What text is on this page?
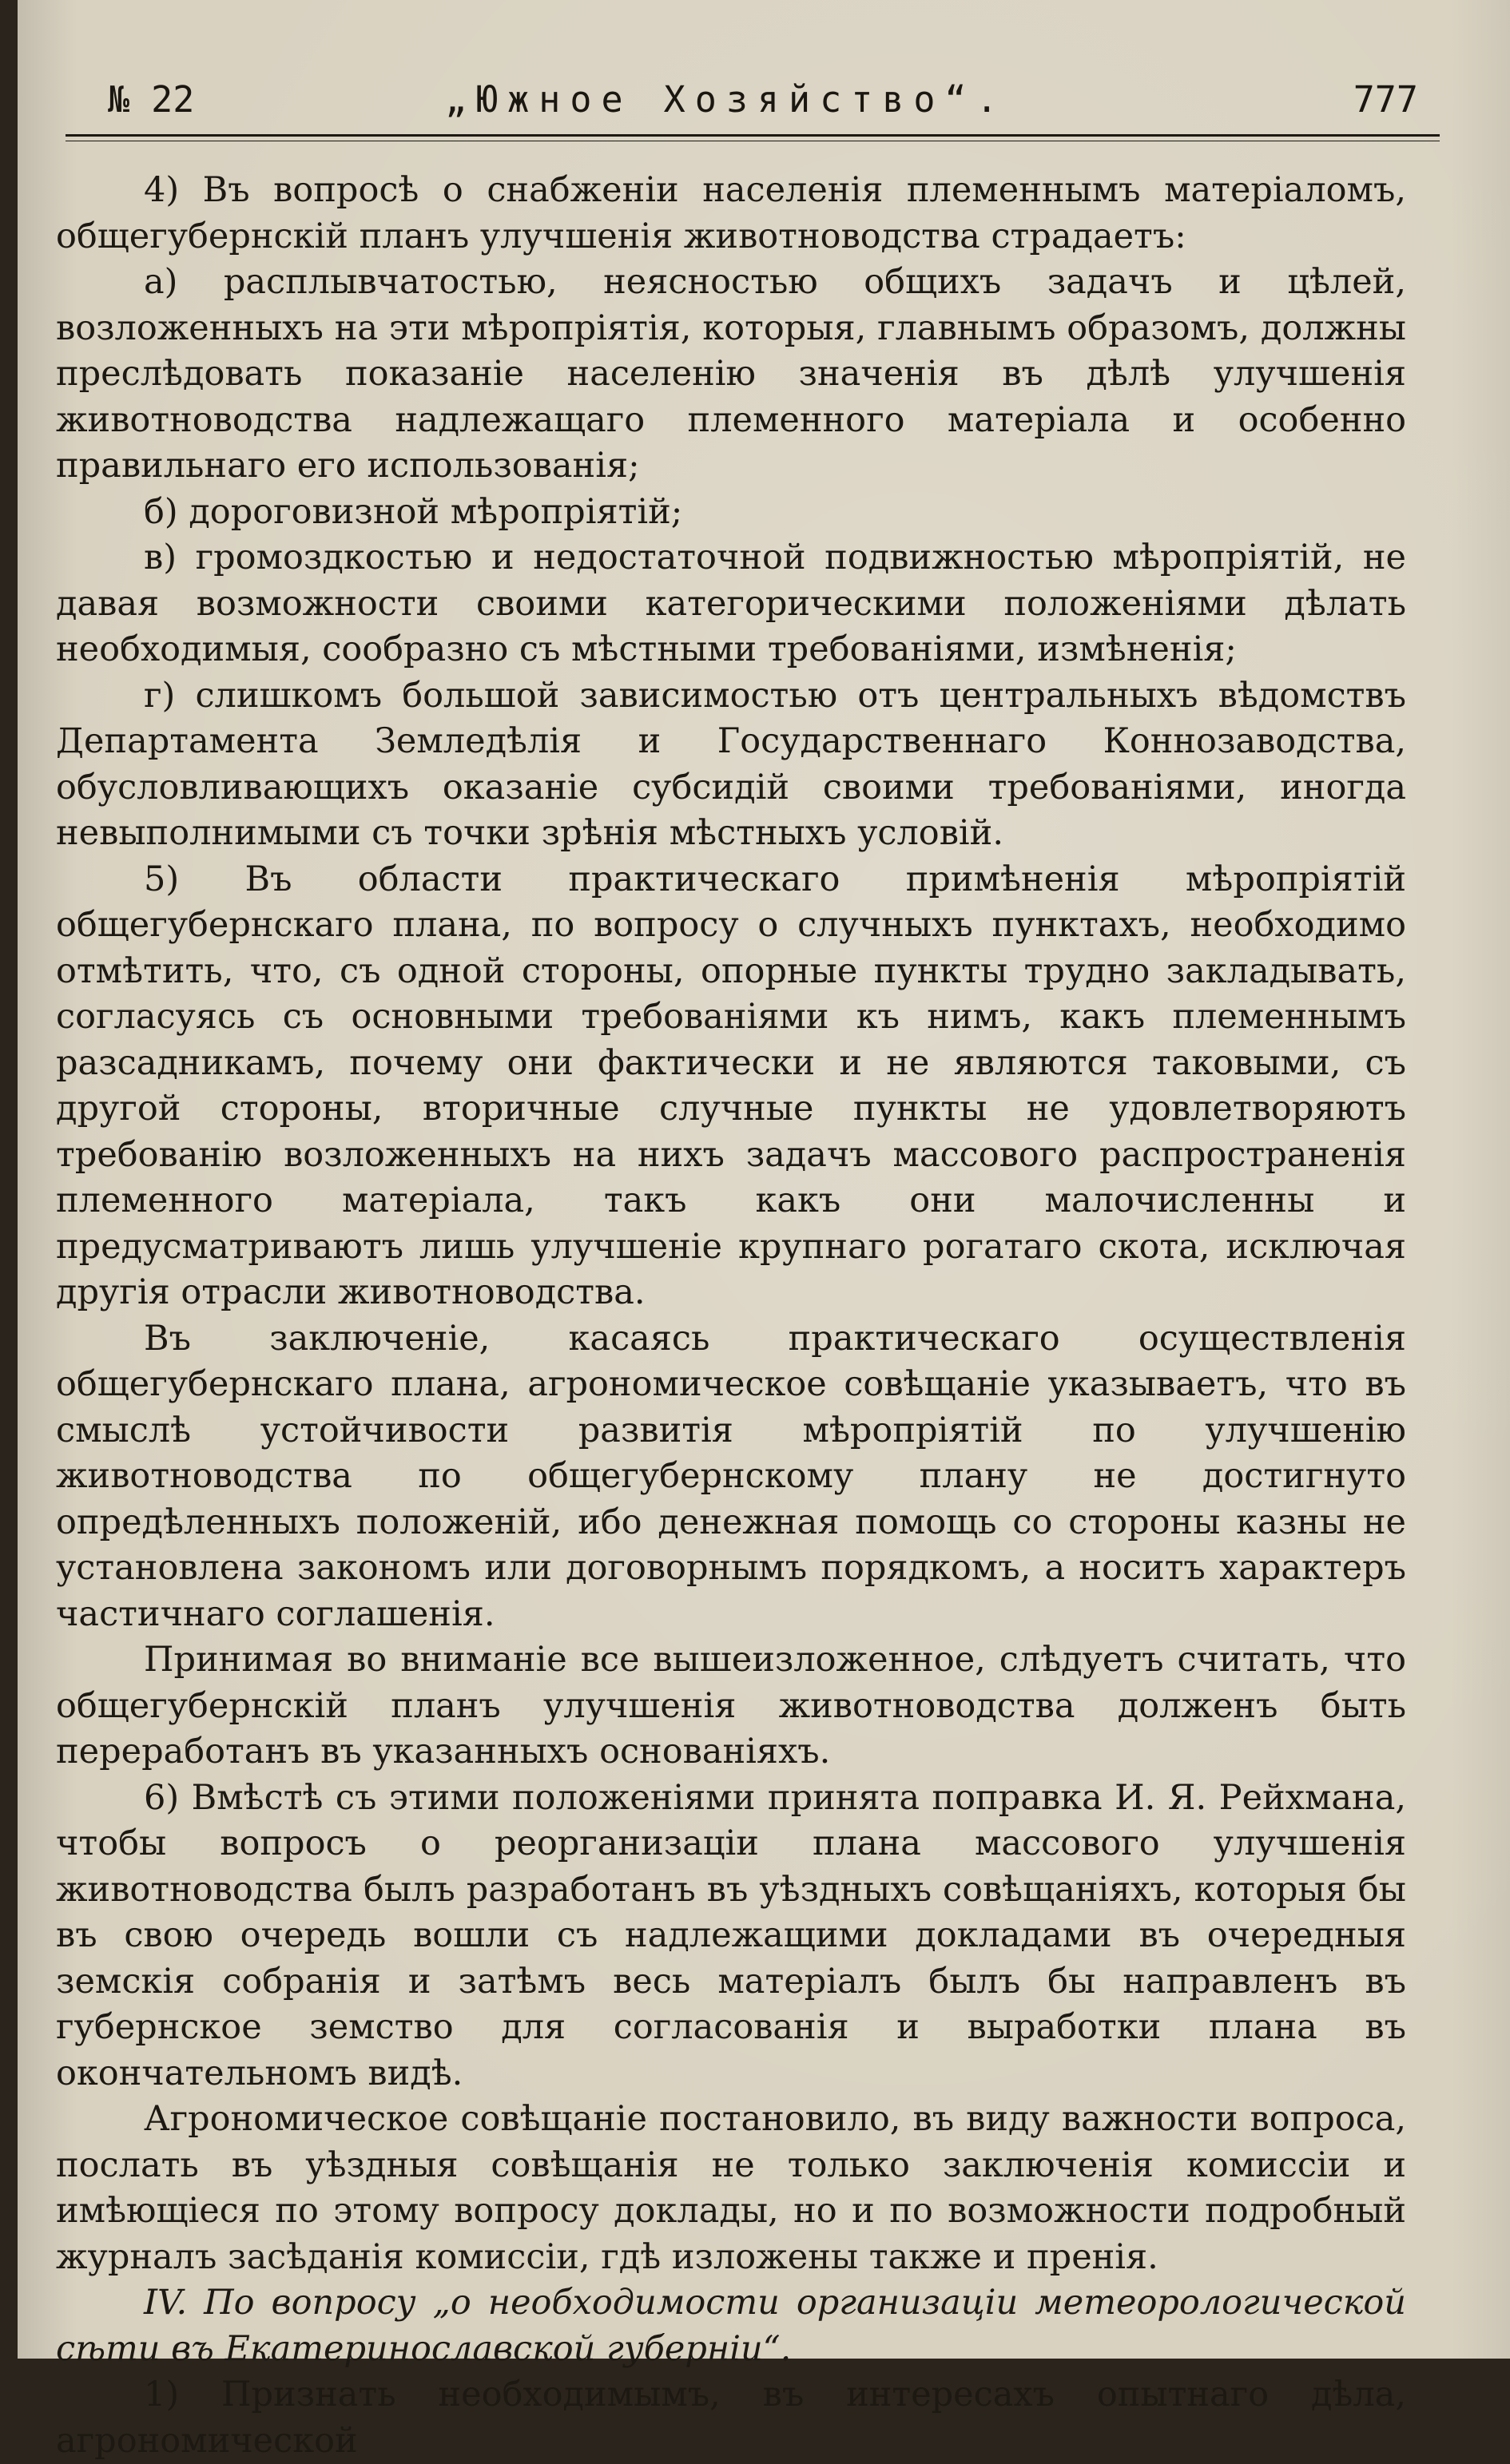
№ 22	„Южное Хозяйство“.	777

4) Въ вопросѣ о снабженіи населенія племеннымъ матеріаломъ, общегубернскій планъ улучшенія животноводства страдаетъ:

а) расплывчатостью, неясностью общихъ задачъ и цѣлей, возложенныхъ на эти мѣропріятія, которыя, главнымъ образомъ, должны преслѣдовать показаніе населенію значенія въ дѣлѣ улучшенія животноводства надлежащаго племенного матеріала и особенно правильнаго его использованія;

б) дороговизной мѣропріятій;

в) громоздкостью и недостаточной подвижностью мѣропріятій, не давая возможности своими категорическими положеніями дѣлать необходимыя, сообразно съ мѣстными требованіями, измѣненія;

г) слишкомъ большой зависимостью отъ центральныхъ вѣдомствъ Департамента Земледѣлія и Государственнаго Коннозаводства, обусловливающихъ оказаніе субсидій своими требованіями, иногда невыполнимыми съ точки зрѣнія мѣстныхъ условій.

5) Въ области практическаго примѣненія мѣропріятій общегубернскаго плана, по вопросу о случныхъ пунктахъ, необходимо отмѣтить, что, съ одной стороны, опорные пункты трудно закладывать, согласуясь съ основными требованіями къ нимъ, какъ племеннымъ разсадникамъ, почему они фактически и не являются таковыми, съ другой стороны, вторичные случные пункты не удовлетворяютъ требованію возложенныхъ на нихъ задачъ массового распространенія племенного матеріала, такъ какъ они малочисленны и предусматриваютъ лишь улучшеніе крупнаго рогатаго скота, исключая другія отрасли животноводства.

Въ заключеніе, касаясь практическаго осуществленія общегубернскаго плана, агрономическое совѣщаніе указываетъ, что въ смыслѣ устойчивости развитія мѣропріятій по улучшенію животноводства по общегубернскому плану не достигнуто опредѣленныхъ положеній, ибо денежная помощь со стороны казны не установлена закономъ или договорнымъ порядкомъ, а носитъ характеръ частичнаго соглашенія.

Принимая во вниманіе все вышеизложенное, слѣдуетъ считать, что общегубернскій планъ улучшенія животноводства долженъ быть переработанъ въ указанныхъ основаніяхъ.

6) Вмѣстѣ съ этими положеніями принята поправка И. Я. Рейхмана, чтобы вопросъ о реорганизаціи плана массового улучшенія животноводства былъ разработанъ въ уѣздныхъ совѣщаніяхъ, которыя бы въ свою очередь вошли съ надлежащими докладами въ очередныя земскія собранія и затѣмъ весь матеріалъ былъ бы направленъ въ губернское земство для согласованія и выработки плана въ окончательномъ видѣ.

Агрономическое совѣщаніе постановило, въ виду важности вопроса, послать въ уѣздныя совѣщанія не только заключенія комиссіи и имѣющіеся по этому вопросу доклады, но и по возможности подробный журналъ засѣданія комиссіи, гдѣ изложены также и пренія.

IV. По вопросу „о необходимости организаціи метеорологической сѣти въ Екатеринославской губерніи“.

1) Признать необходимымъ, въ интересахъ опытнаго дѣла, агрономической
